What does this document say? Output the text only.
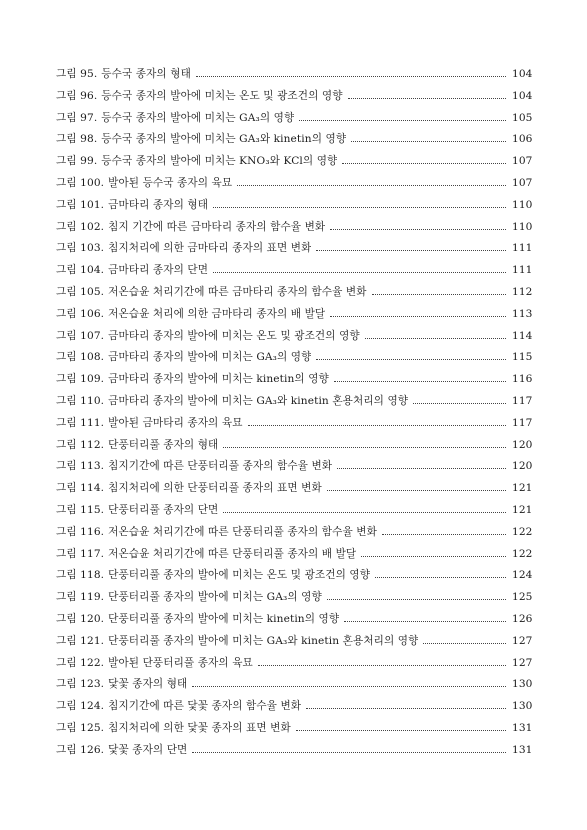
그림 95. 등수국 종자의 형태	104
그림 96. 등수국 종자의 발아에 미치는 온도 및 광조건의 영향	104
그림 97. 등수국 종자의 발아에 미치는 GA₃의 영향	105
그림 98. 등수국 종자의 발아에 미치는 GA₃와 kinetin의 영향	106
그림 99. 등수국 종자의 발아에 미치는 KNO₃와 KCl의 영향	107
그림 100. 발아된 등수국 종자의 육묘	107
그림 101. 금마타리 종자의 형태	110
그림 102. 침지 기간에 따른 금마타리 종자의 함수율 변화	110
그림 103. 침지처리에 의한 금마타리 종자의 표면 변화	111
그림 104. 금마타리 종자의 단면	111
그림 105. 저온습윤 처리기간에 따른 금마타리 종자의 함수율 변화	112
그림 106. 저온습윤 처리에 의한 금마타리 종자의 배 발달	113
그림 107. 금마타리 종자의 발아에 미치는 온도 및 광조건의 영향	114
그림 108. 금마타리 종자의 발아에 미치는 GA₃의 영향	115
그림 109. 금마타리 종자의 발아에 미치는 kinetin의 영향	116
그림 110. 금마타리 종자의 발아에 미치는 GA₃와 kinetin 혼용처리의 영향	117
그림 111. 발아된 금마타리 종자의 육묘	117
그림 112. 단풍터리풀 종자의 형태	120
그림 113. 침지기간에 따른 단풍터리풀 종자의 함수율 변화	120
그림 114. 침지처리에 의한 단풍터리풀 종자의 표면 변화	121
그림 115. 단풍터리풀 종자의 단면	121
그림 116. 저온습윤 처리기간에 따른 단풍터리풀 종자의 함수율 변화	122
그림 117. 저온습윤 처리기간에 따른 단풍터리풀 종자의 배 발달	122
그림 118. 단풍터리풀 종자의 발아에 미치는 온도 및 광조건의 영향	124
그림 119. 단풍터리풀 종자의 발아에 미치는 GA₃의 영향	125
그림 120. 단풍터리풀 종자의 발아에 미치는 kinetin의 영향	126
그림 121. 단풍터리풀 종자의 발아에 미치는 GA₃와 kinetin 혼용처리의 영향	127
그림 122. 발아된 단풍터리풀 종자의 육묘	127
그림 123. 닻꽃 종자의 형태	130
그림 124. 침지기간에 따른 닻꽃 종자의 함수율 변화	130
그림 125. 침지처리에 의한 닻꽃 종자의 표면 변화	131
그림 126. 닻꽃 종자의 단면	131
